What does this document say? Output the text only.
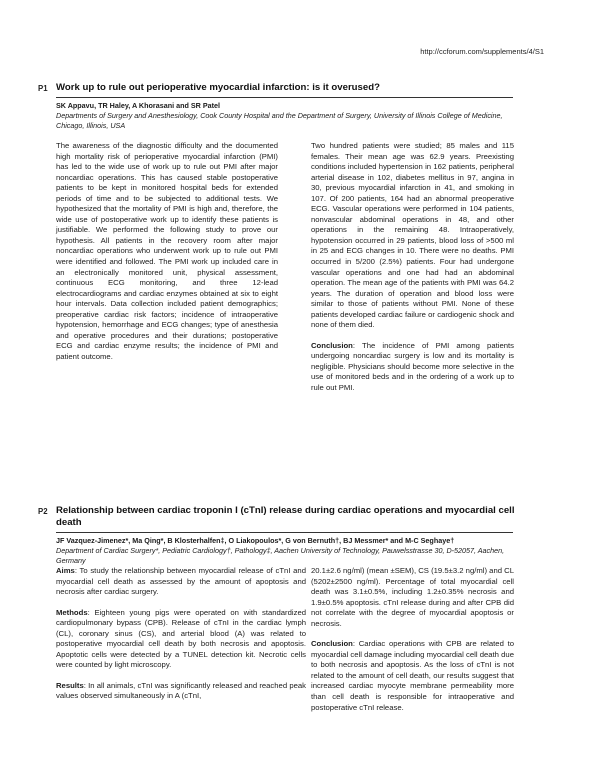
http://ccforum.com/supplements/4/S1
P1 Work up to rule out perioperative myocardial infarction: is it overused?
SK Appavu, TR Haley, A Khorasani and SR Patel
Departments of Surgery and Anesthesiology, Cook County Hospital and the Department of Surgery, University of Illinois College of Medicine, Chicago, Illinois, USA

The awareness of the diagnostic difficulty and the documented high mortality risk of perioperative myocardial infarction (PMI) has led to the wide use of work up to rule out PMI after major noncardiac operations. This has caused stable postoperative patients to be kept in monitored hospital beds for extended periods of time and to be subjected to additional tests. We hypothesized that the mortality of PMI is high and, therefore, the wide use of postoperative work up to identify these patients is justifiable. We performed the following study to prove our hypothesis. All patients in the recovery room after major noncardiac operations who underwent work up to rule out PMI were identified and followed. The PMI work up included care in an electronically monitored unit, physical assessment, continuous ECG monitoring, and three 12-lead electrocardiograms and cardiac enzymes obtained at six to eight hour intervals. Data collection included patient demographics; preoperative cardiac risk factors; incidence of intraoperative hypotension, hemorrhage and ECG changes; type of anesthesia and operative procedures and their durations; postoperative ECG and cardiac enzyme results; the incidence of PMI and patient outcome.

Two hundred patients were studied; 85 males and 115 females. Their mean age was 62.9 years. Preexisting conditions included hypertension in 162 patients, peripheral arterial disease in 102, diabetes mellitus in 97, angina in 30, previous myocardial infarction in 41, and smoking in 107. Of 200 patients, 164 had an abnormal preoperative ECG. Vascular operations were performed in 104 patients, nonvascular abdominal operations in 48, and other operations in the remaining 48. Intraoperatively, hypotension occurred in 29 patients, blood loss of >500 ml in 25 and ECG changes in 10. There were no deaths. PMI occurred in 5/200 (2.5%) patients. Four had undergone vascular operations and one had had an abdominal operation. The mean age of the patients with PMI was 64.2 years. The duration of operation and blood loss were similar to those of patients without PMI. None of these patients developed cardiac failure or cardiogenic shock and none of them died.

Conclusion: The incidence of PMI among patients undergoing noncardiac surgery is low and its mortality is negligible. Physicians should become more selective in the use of monitored beds and in the ordering of a work up to rule out PMI.

P2 Relationship between cardiac troponin I (cTnI) release during cardiac operations and myocardial cell death
JF Vazquez-Jimenez*, Ma Qing*, B Klosterhalfen‡, O Liakopoulos*, G von Bernuth†, BJ Messmer* and M-C Seghaye†
Department of Cardiac Surgery*, Pediatric Cardiology†, Pathology‡, Aachen University of Technology, Pauwelsstrasse 30, D-52057, Aachen, Germany

Aims: To study the relationship between myocardial release of cTnI and myocardial cell death as assessed by the amount of apoptosis and necrosis after cardiac surgery.

Methods: Eighteen young pigs were operated on with standardized cardiopulmonary bypass (CPB). Release of cTnI in the cardiac lymph (CL), coronary sinus (CS), and arterial blood (A) was related to postoperative myocardial cell death by both necrosis and apoptosis. Apoptotic cells were detected by a TUNEL detection kit. Necrotic cells were counted by light microscopy.

Results: In all animals, cTnI was significantly released and reached peak values observed simultaneously in A (cTnI,

20.1±2.6 ng/ml) (mean ±SEM), CS (19.5±3.2 ng/ml) and CL (5202±2500 ng/ml). Percentage of total myocardial cell death was 3.1±0.5%, including 1.2±0.35% necrosis and 1.9±0.5% apoptosis. cTnI release during and after CPB did not correlate with the degree of myocardial apoptosis or necrosis.

Conclusion: Cardiac operations with CPB are related to myocardial cell damage including myocardial cell death due to both necrosis and apoptosis. As the loss of cTnI is not related to the amount of cell death, our results suggest that increased cardiac myocyte membrane permeability more than cell death is responsible for intraoperative and postoperative cTnI release.
